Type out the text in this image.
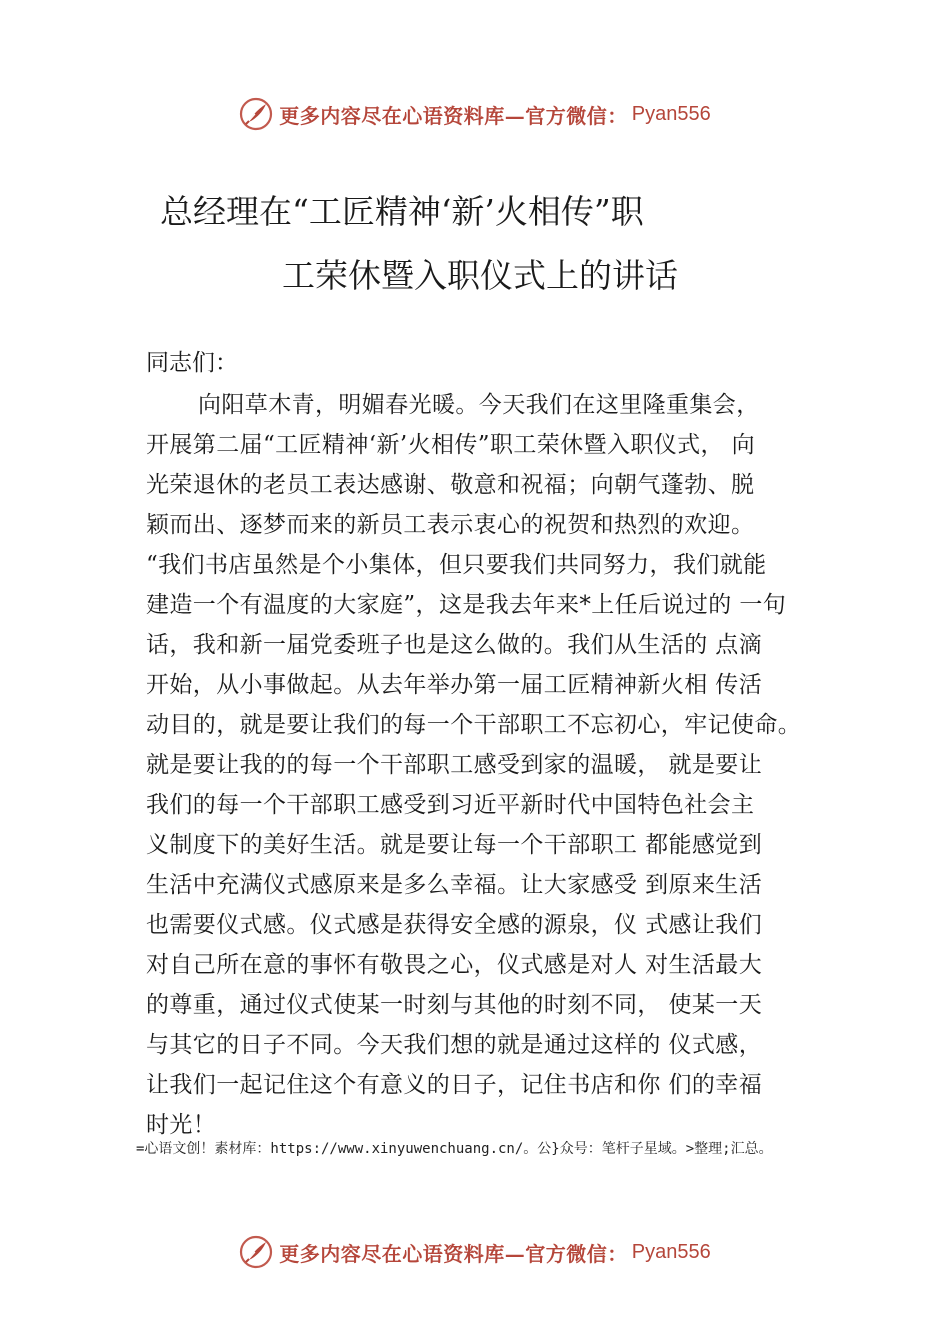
更多内容尽在心语资料库—官方微信： Pyan556
总经理在“工匠精神‘新’火相传”职
工荣休暨入职仪式上的讲话
同志们：
向阳草木青，明媚春光暖。今天我们在这里隆重集会，
开展第二届“工匠精神‘新’火相传”职工荣休暨入职仪式， 向
光荣退休的老员工表达感谢、敬意和祝福；向朝气蓬勃、脱
颖而出、逐梦而来的新员工表示衷心的祝贺和热烈的欢迎。
“我们书店虽然是个小集体，但只要我们共同努力，我们就能
建造一个有温度的大家庭”，这是我去年来*上任后说过的 一句
话，我和新一届党委班子也是这么做的。我们从生活的 点滴
开始，从小事做起。从去年举办第一届工匠精神新火相 传活
动目的，就是要让我们的每一个干部职工不忘初心，牢记使命。
就是要让我的的每一个干部职工感受到家的温暖， 就是要让
我们的每一个干部职工感受到习近平新时代中国特色社会主
义制度下的美好生活。就是要让每一个干部职工 都能感觉到
生活中充满仪式感原来是多么幸福。让大家感受 到原来生活
也需要仪式感。仪式感是获得安全感的源泉，仪 式感让我们
对自己所在意的事怀有敬畏之心，仪式感是对人 对生活最大
的尊重，通过仪式使某一时刻与其他的时刻不同， 使某一天
与其它的日子不同。今天我们想的就是通过这样的 仪式感，
让我们一起记住这个有意义的日子，记住书店和你 们的幸福
时光！
=心语文创！素材库：https://www.xinyuwenchuang.cn/。公}众号：笔杆子星域。>整理;汇总。
更多内容尽在心语资料库—官方微信： Pyan556
